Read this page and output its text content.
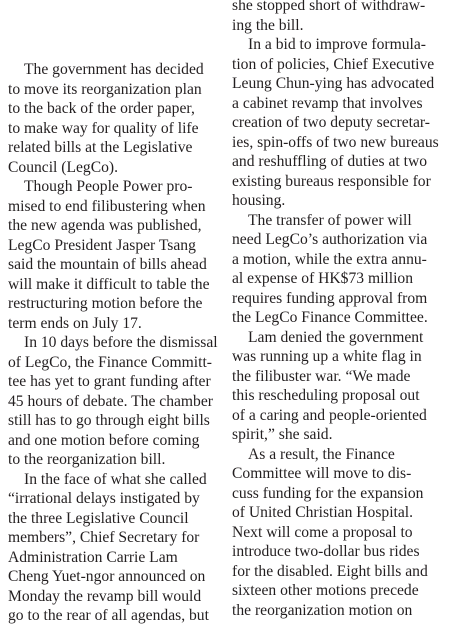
The government has decided
to move its reorganization plan
to the back of the order paper,
to make way for quality of life
related bills at the Legislative
Council (LegCo).
Though People Power pro-
mised to end filibustering when
the new agenda was published,
LegCo President Jasper Tsang
said the mountain of bills ahead
will make it difficult to table the
restructuring motion before the
term ends on July 17.
In 10 days before the dismissal
of LegCo, the Finance Committ-
tee has yet to grant funding after
45 hours of debate. The chamber
still has to go through eight bills
and one motion before coming
to the reorganization bill.
In the face of what she called
“irrational delays instigated by
the three Legislative Council
members”, Chief Secretary for
Administration Carrie Lam
Cheng Yuet-ngor announced on
Monday the revamp bill would
go to the rear of all agendas, but
she stopped short of withdraw-
ing the bill.
In a bid to improve formula-
tion of policies, Chief Executive
Leung Chun-ying has advocated
a cabinet revamp that involves
creation of two deputy secretar-
ies, spin-offs of two new bureaus
and reshuffling of duties at two
existing bureaus responsible for
housing.
The transfer of power will
need LegCo’s authorization via
a motion, while the extra annu-
al expense of HK$73 million
requires funding approval from
the LegCo Finance Committee.
Lam denied the government
was running up a white flag in
the filibuster war. “We made
this rescheduling proposal out
of a caring and people-oriented
spirit,” she said.
As a result, the Finance
Committee will move to dis-
cuss funding for the expansion
of United Christian Hospital.
Next will come a proposal to
introduce two-dollar bus rides
for the disabled. Eight bills and
sixteen other motions precede
the reorganization motion on
